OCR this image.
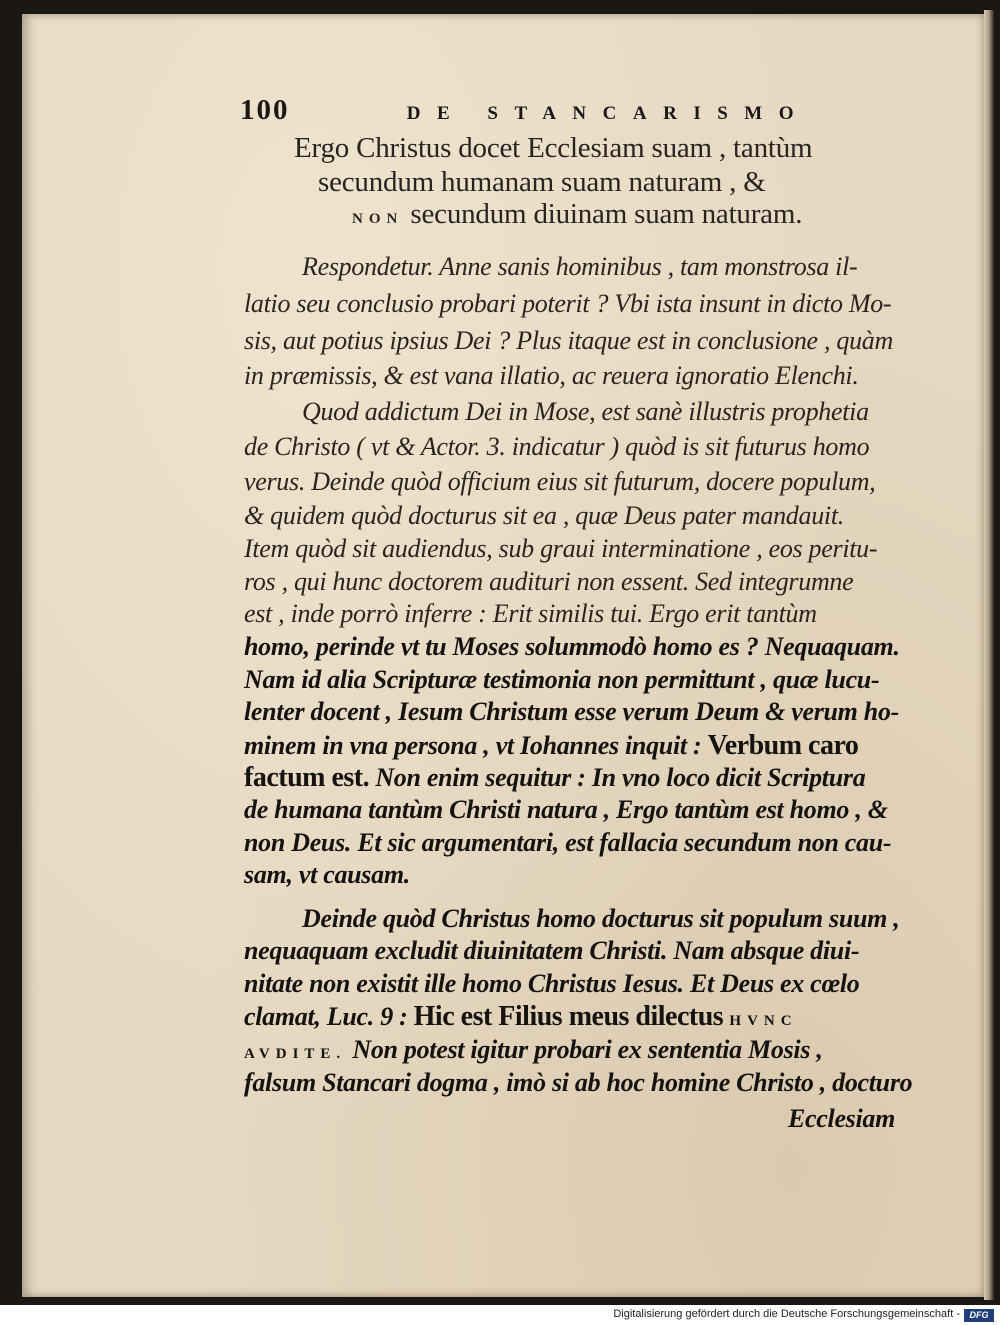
100	DE STANCARISMO
Ergo Christus docet Ecclesiam suam , tantùm
secundum humanam suam naturam , &
NON secundum diuinam suam naturam.
Respondetur. Anne sanis hominibus , tam monstrosa il-
latio seu conclusio probari poterit ? Vbi ista insunt in dicto Mo-
sis, aut potius ipsius Dei ? Plus itaque est in conclusione , quàm
in præmissis, & est vana illatio, ac reuera ignoratio Elenchi.
Quod addictum Dei in Mose, est sanè illustris prophetia
de Christo ( vt & Actor. 3. indicatur ) quòd is sit futurus homo
verus. Deinde quòd officium eius sit futurum, docere populum,
& quidem quòd docturus sit ea , quæ Deus pater mandauit.
Item quòd sit audiendus, sub graui interminatione , eos peritu-
ros , qui hunc doctorem audituri non essent. Sed integrumne
est , inde porrò inferre : Erit similis tui. Ergo erit tantùm
homo, perinde vt tu Moses solummodò homo es ? Nequaquam.
Nam id alia Scripturæ testimonia non permittunt , quæ lucu-
lenter docent , Iesum Christum esse verum Deum & verum ho-
minem in vna persona , vt Iohannes inquit : Verbum caro
factum est. Non enim sequitur : In vno loco dicit Scriptura
de humana tantùm Christi natura , Ergo tantùm est homo , &
non Deus. Et sic argumentari, est fallacia secundum non cau-
sam, vt causam.
Deinde quòd Christus homo docturus sit populum suum ,
nequaquam excludit diuinitatem Christi. Nam absque diui-
nitate non existit ille homo Christus Iesus. Et Deus ex cœlo
clamat, Luc. 9 : Hic est Filius meus dilectus HVNC
AVDITE. Non potest igitur probari ex sententia Mosis ,
falsum Stancari dogma , imò si ab hoc homine Christo , docturo
Ecclesiam
Digitalisierung gefördert durch die Deutsche Forschungsgemeinschaft -	DFG
